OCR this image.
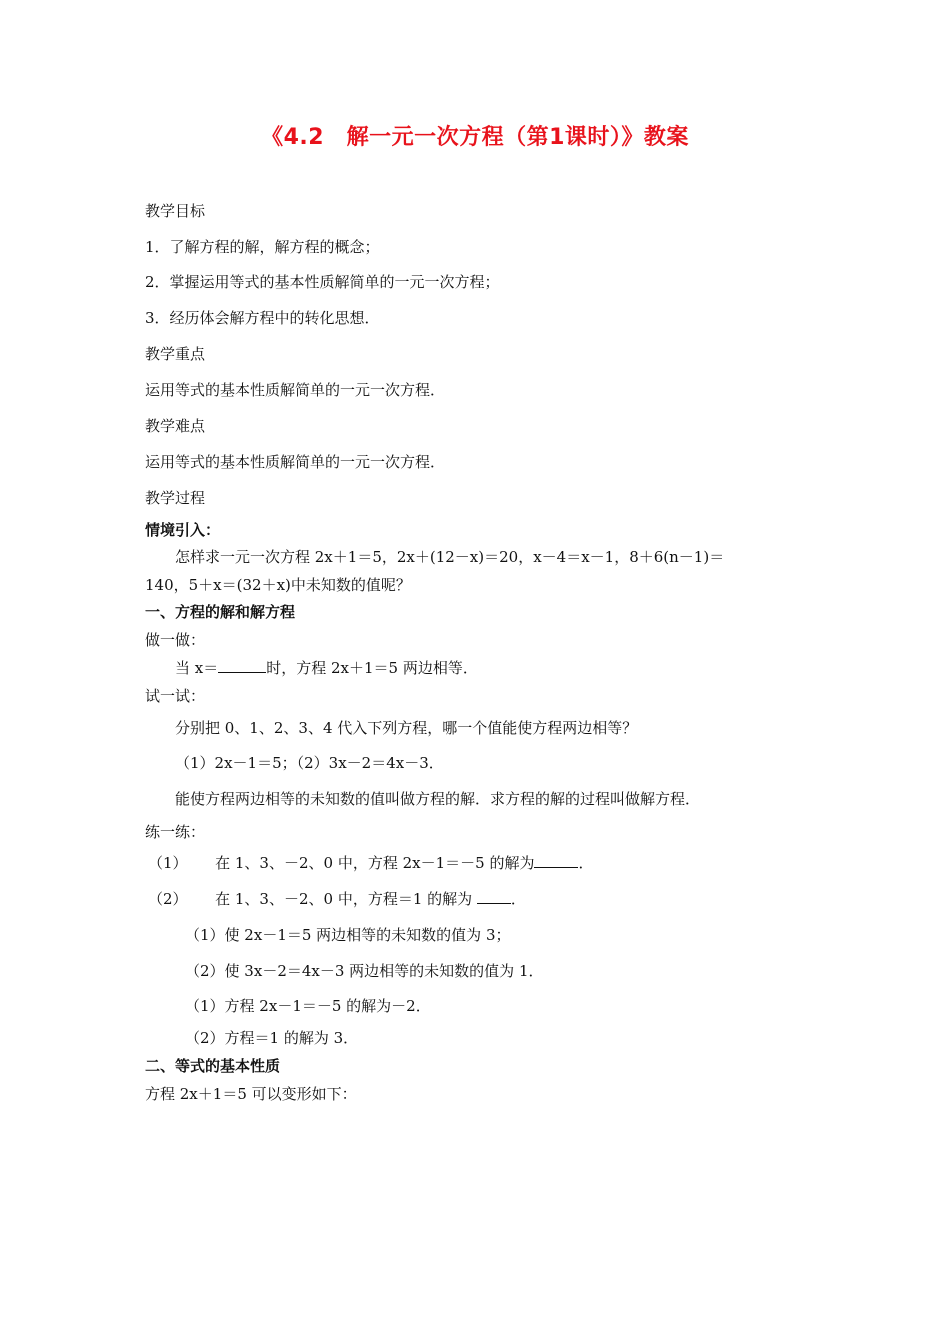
《4.2　解一元一次方程（第1课时）》教案
教学目标
1．了解方程的解，解方程的概念；
2．掌握运用等式的基本性质解简单的一元一次方程；
3．经历体会解方程中的转化思想．
教学重点
运用等式的基本性质解简单的一元一次方程．
教学难点
运用等式的基本性质解简单的一元一次方程．
教学过程
情境引入：
怎样求一元一次方程 2x＋1＝5，2x＋(12－x)＝20，x－4＝x－1，8＋6(n－1)＝
140，5＋x＝(32＋x)中未知数的值呢？
一、方程的解和解方程
做一做：
当 x＝	时，方程 2x＋1＝5 两边相等．
试一试：
分别把 0、1、2、3、4 代入下列方程，哪一个值能使方程两边相等？
（1）2x－1＝5；（2）3x－2＝4x－3．
能使方程两边相等的未知数的值叫做方程的解．求方程的解的过程叫做解方程．
练一练：
（1） 在 1、3、－2、0 中，方程 2x－1＝－5 的解为	．
（2） 在 1、3、－2、0 中，方程＝1 的解为	．
（1）使 2x－1＝5 两边相等的未知数的值为 3；
（2）使 3x－2＝4x－3 两边相等的未知数的值为 1．
（1）方程 2x－1＝－5 的解为－2．
（2）方程＝1 的解为 3．
二、等式的基本性质
方程 2x＋1＝5 可以变形如下：
